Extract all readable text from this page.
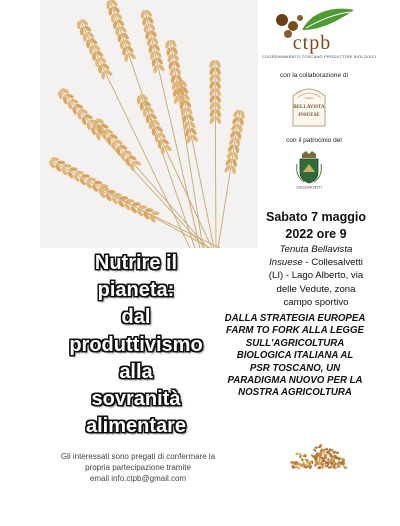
ctpb
COORDINAMENTO TOSCANO PRODUTTORI BIOLOGICI
con la collaborazione di
Tenuta
BELLAVISTA
INSUESE
con il patrocinio del
COLLESALVETTI
Sabato 7 maggio
2022 ore 9
Tenuta Bellavista
Insuese - Collesalvetti
(LI) - Lago Alberto, via
delle Vedute, zona
campo sportivo
Nutrire il
pianeta:
dal
produttivismo
alla
sovranità
alimentare
DALLA STRATEGIA EUROPEA
FARM TO FORK ALLA LEGGE
SULL'AGRICOLTURA
BIOLOGICA ITALIANA AL
PSR TOSCANO, UN
PARADIGMA NUOVO PER LA
NOSTRA AGRICOLTURA
Gli interessati sono pregati di confermare la
propria partecipazione tramite
email info.ctpb@gmail.com
